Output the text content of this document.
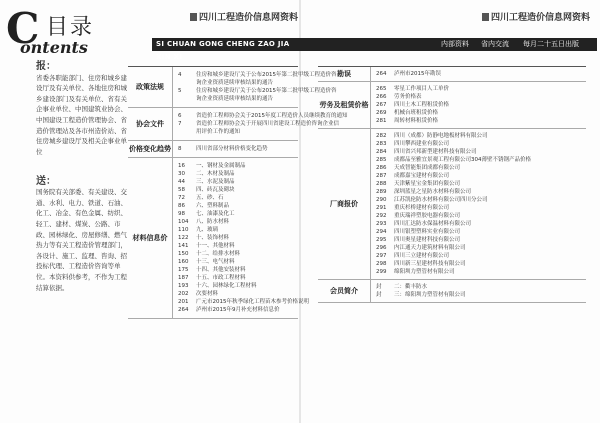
C 目录
ontents
四川工程造价信息网资料	四川工程造价信息网资料
SI CHUAN GONG CHENG ZAO JIA XIN XI
内部资料 省内交流 每月二十五日出版
报：
省委各职能部门、住房和城乡建设厅及有关单位、各地住房和城乡建设部门及有关单位、省有关企事业单位、中国建筑业协会、中国建设工程造价管理协会、省造价管理站及各市州造价站、省住房城乡建设厅及相关企事业单位
送：
国务院有关部委、有关建设、交通、水利、电力、铁道、石油、化工、冶金、有色金属、纺织、轻工、建材、煤炭、公路、市政、园林绿化、房屋修缮、燃气热力等有关工程造价管理部门，各设计、施工、监理、咨询、招投标代理、工程造价咨询等单位。本资料供参考，不作为工程结算依据。
政策法规
4	住房和城乡建设厅关于公布2015年第二批甲级工程造价咨
询企业资质延续审核结果的通告
5	住房和城乡建设厅关于公布2015年第二批甲级工程造价咨
询企业资质延续审核结果的通告
协会文件
6	省造价工程师协会关于2015年度工程造价人员继续教育的通知
7	省造价工程师协会关于开展四川省建设工程造价咨询企业信
用评价工作的通知
价格变化趋势	8	四川省部分材料价格变化趋势
材料信息价
16 一、钢材及金属制品
30 二、木材及制品
44 三、水泥及制品
58 四、砖瓦及砌块
72 五、砂、石
86 六、塑料制品
98 七、油漆及化工
104 八、防水材料
110 九、玻璃
122 十、装饰材料
141 十一、其他材料
150 十二、给排水材料
160 十三、电气材料
175 十四、其他安装材料
187 十五、市政工程材料
193 十六、园林绿化工程材料
202 次要材料
201 广元市2015年秋季绿化工程苗木参考价格说明
264 泸州市2015年9月补充材料信息价
勘误	264 泸州市2015年勘误
劳务及租赁价格
265 零星工作项目人工单价
266 劳务价格表
267 四川土木工程租赁价格
269 机械台班租赁价格
281 周转材料租赁价格
厂商报价
282 四川（成都）防静电地板材料有限公司
283 四川攀西建业有限公司
284 四川省兴邦新型建材科技有限公司
285 成都品至雅宜景观工程有限公司304薄壁不锈钢产品价格
286 天成智能集团成都有限公司
287 成都嘉宝建材有限公司
288 天津紫星宝金集团有限公司
289 深圳蓝星之星防水材料有限公司
290 江苏凯伦防水材料有限公司四川分公司
291 重庆杉桥建材有限公司
292 重庆瑞祥塑胶电器有限公司
293 四川汇达防水保温材料有限公司
294 四川银塑塑料实业有限公司
295 四川奥星建材科技有限公司
296 内江通天力建筑材料有限公司
297 四川三立建材有限公司
298 四川新三星建材科技有限公司
299 绵阳圳力塑管材有限公司
会员简介	封 二：衢丰防水
封 三：绵阳圳力塑管材有限公司
